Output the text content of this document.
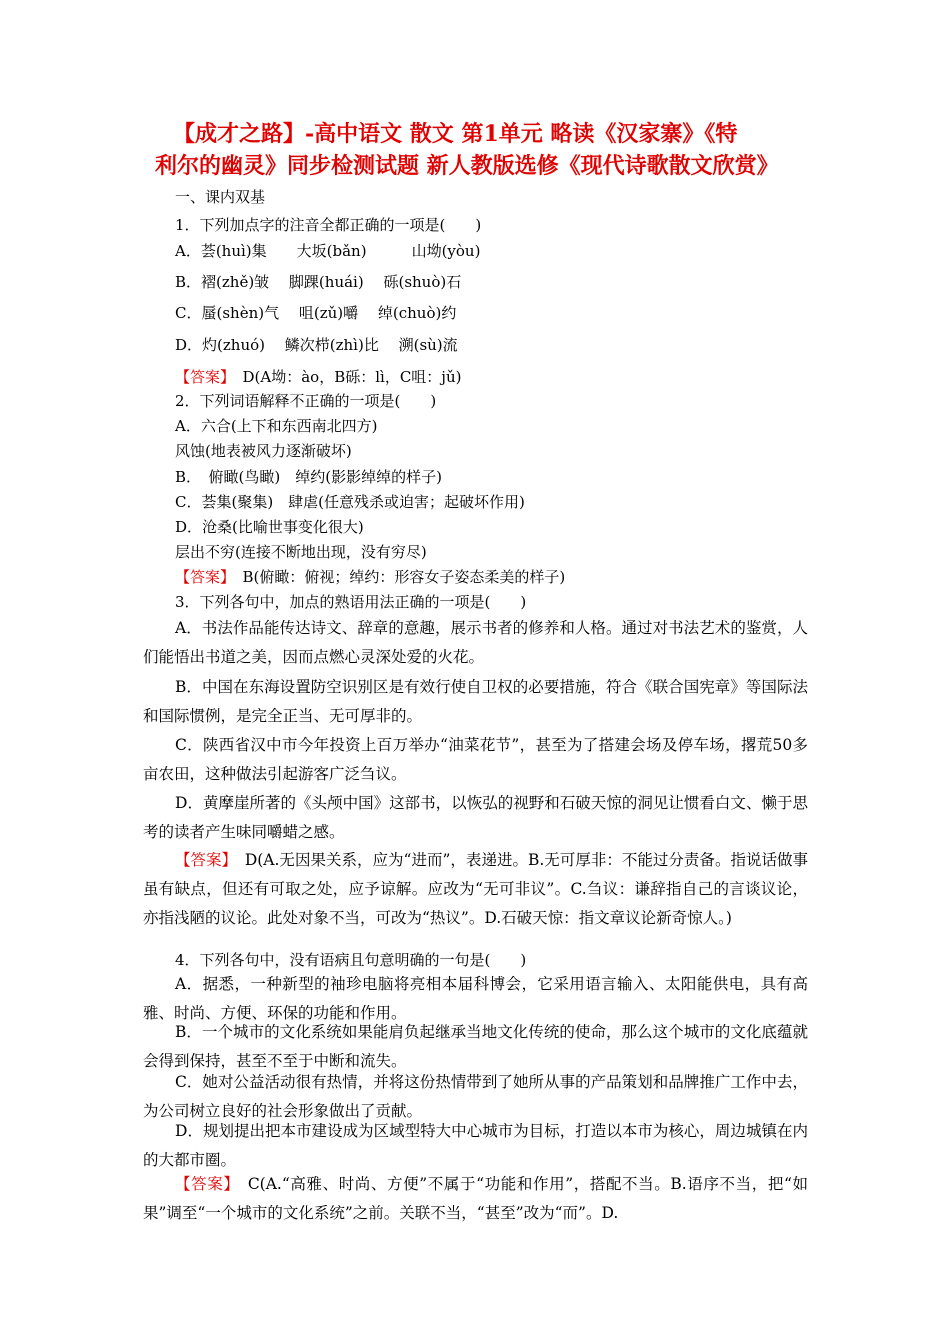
【成才之路】-高中语文 散文 第1单元 略读《汉家寨》《特
利尔的幽灵》同步检测试题 新人教版选修《现代诗歌散文欣赏》
一、课内双基
1．下列加点字的注音全都正确的一项是(　　)
A．荟(huì)集　　大坂(bǎn)　　　山坳(yòu)
B．褶(zhě)皱　 脚踝(huái)　 砾(shuò)石
C．蜃(shèn)气　 咀(zǔ)嚼　 绰(chuò)约
D．灼(zhuó)　 鳞次栉(zhì)比　 溯(sù)流
【答案】　D(A坳：ào，B砾：lì，C咀：jǔ)
2．下列词语解释不正确的一项是(　　)
A．六合(上下和东西南北四方)
风蚀(地表被风力逐渐破坏)
B．　俯瞰(鸟瞰)　绰约(影影绰绰的样子)
C．荟集(聚集)　肆虐(任意残杀或迫害；起破坏作用)
D．沧桑(比喻世事变化很大)
层出不穷(连接不断地出现，没有穷尽)
【答案】　B(俯瞰：俯视；绰约：形容女子姿态柔美的样子)
3．下列各句中，加点的熟语用法正确的一项是(　　)
A．书法作品能传达诗文、辞章的意趣，展示书者的修养和人格。通过对书法艺术的鉴赏，人们能悟出书道之美，因而点燃心灵深处爱的火花。
B．中国在东海设置防空识别区是有效行使自卫权的必要措施，符合《联合国宪章》等国际法和国际惯例，是完全正当、无可厚非的。
C．陕西省汉中市今年投资上百万举办“油菜花节”，甚至为了搭建会场及停车场，撂荒50多亩农田，这种做法引起游客广泛刍议。
D．黄摩崖所著的《头颅中国》这部书，以恢弘的视野和石破天惊的洞见让惯看白文、懒于思考的读者产生味同嚼蜡之感。
【答案】　D(A.无因果关系，应为“进而”，表递进。B.无可厚非：不能过分责备。指说话做事虽有缺点，但还有可取之处，应予谅解。应改为“无可非议”。C.刍议：谦辞指自己的言谈议论，亦指浅陋的议论。此处对象不当，可改为“热议”。D.石破天惊：指文章议论新奇惊人。)
4．下列各句中，没有语病且句意明确的一句是(　　)
A．据悉，一种新型的袖珍电脑将亮相本届科博会，它采用语言输入、太阳能供电，具有高雅、时尚、方便、环保的功能和作用。
B．一个城市的文化系统如果能肩负起继承当地文化传统的使命，那么这个城市的文化底蕴就会得到保持，甚至不至于中断和流失。
C．她对公益活动很有热情，并将这份热情带到了她所从事的产品策划和品牌推广工作中去，为公司树立良好的社会形象做出了贡献。
D．规划提出把本市建设成为区域型特大中心城市为目标，打造以本市为核心，周边城镇在内的大都市圈。
【答案】　C(A.“高雅、时尚、方便”不属于“功能和作用”，搭配不当。B.语序不当，把“如果”调至“一个城市的文化系统”之前。关联不当，“甚至”改为“而”。D.
